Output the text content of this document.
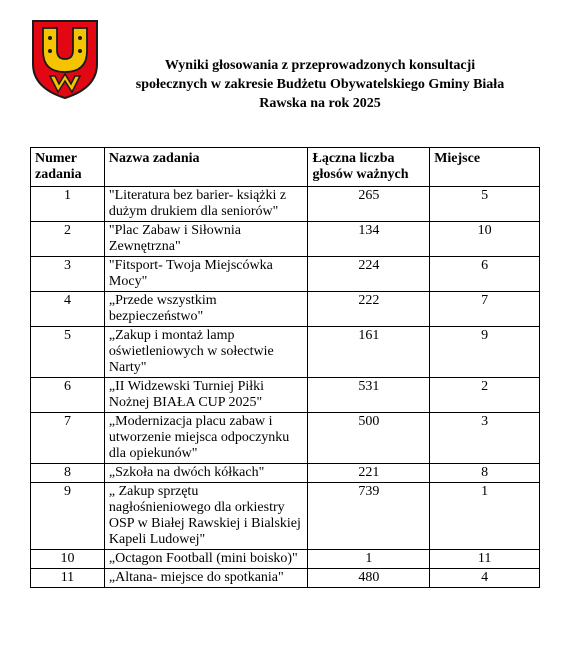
Wyniki głosowania z przeprowadzonych konsultacji
społecznych w zakresie Budżetu Obywatelskiego Gminy Biała
Rawska na rok 2025
Numer zadania	Nazwa zadania	Łączna liczba głosów ważnych	Miejsce
1	"Literatura bez barier- książki z dużym drukiem dla seniorów"	265	5
2	"Plac Zabaw i Siłownia Zewnętrzna"	134	10
3	"Fitsport- Twoja Miejscówka Mocy"	224	6
4	„Przede wszystkim bezpieczeństwo"	222	7
5	„Zakup i montaż lamp oświetleniowych w sołectwie Narty"	161	9
6	„II Widzewski Turniej Piłki Nożnej BIAŁA CUP 2025"	531	2
7	„Modernizacja placu zabaw i utworzenie miejsca odpoczynku dla opiekunów"	500	3
8	„Szkoła na dwóch kółkach"	221	8
9	„ Zakup sprzętu nagłośnieniowego dla orkiestry OSP w Białej Rawskiej i Bialskiej Kapeli Ludowej"	739	1
10	„Octagon Football (mini boisko)"	1	11
11	„Altana- miejsce do spotkania"	480	4
